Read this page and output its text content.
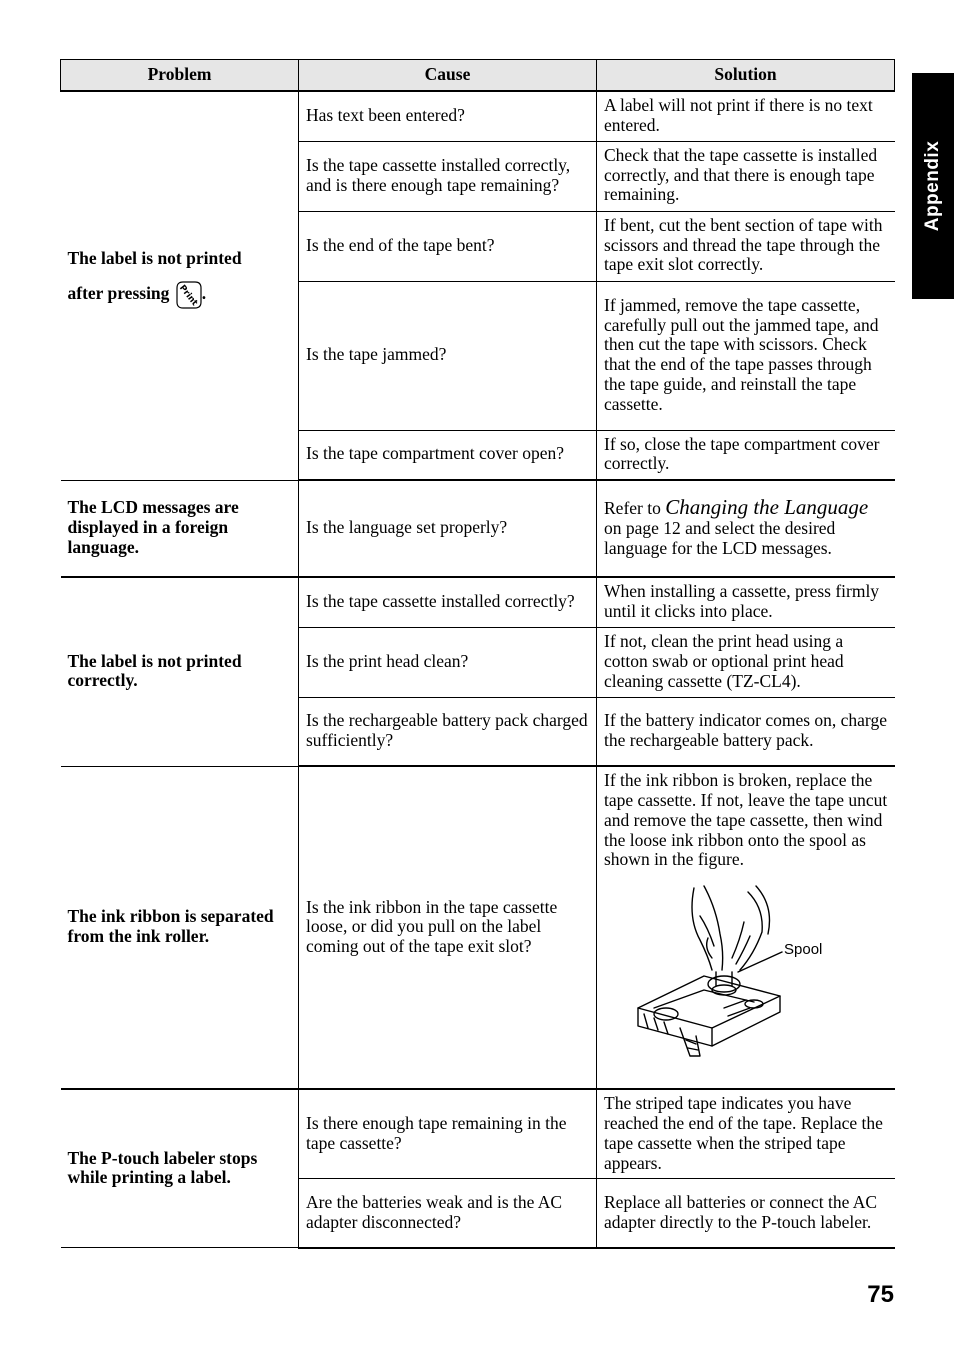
Problem	Cause	Solution

The label is not printed
after pressing Print .	Has text been entered?	A label will not print if there is no text entered.
	Is the tape cassette installed correctly, and is there enough tape remaining?	Check that the tape cassette is installed correctly, and that there is enough tape remaining.
	Is the end of the tape bent?	If bent, cut the bent section of tape with scissors and thread the tape through the tape exit slot correctly.
	Is the tape jammed?	If jammed, remove the tape cassette, carefully pull out the jammed tape, and then cut the tape with scissors. Check that the end of the tape passes through the tape guide, and reinstall the tape cassette.
	Is the tape compartment cover open?	If so, close the tape compartment cover correctly.
The LCD messages are displayed in a foreign language.	Is the language set properly?	Refer to Changing the Language on page 12 and select the desired language for the LCD messages.
The label is not printed correctly.	Is the tape cassette installed correctly?	When installing a cassette, press firmly until it clicks into place.
	Is the print head clean?	If not, clean the print head using a cotton swab or optional print head cleaning cassette (TZ-CL4).
	Is the rechargeable battery pack charged sufficiently?	If the battery indicator comes on, charge the rechargeable battery pack.
The ink ribbon is separated from the ink roller.	Is the ink ribbon in the tape cassette loose, or did you pull on the label coming out of the tape exit slot?	If the ink ribbon is broken, replace the tape cassette. If not, leave the tape uncut and remove the tape cassette, then wind the loose ink ribbon onto the spool as shown in the figure.
Spool

The P-touch labeler stops while printing a label.	Is there enough tape remaining in the tape cassette?	The striped tape indicates you have reached the end of the tape. Replace the tape cassette when the striped tape appears.
	Are the batteries weak and is the AC adapter disconnected?	Replace all batteries or connect the AC adapter directly to the P-touch labeler.
Appendix
75
